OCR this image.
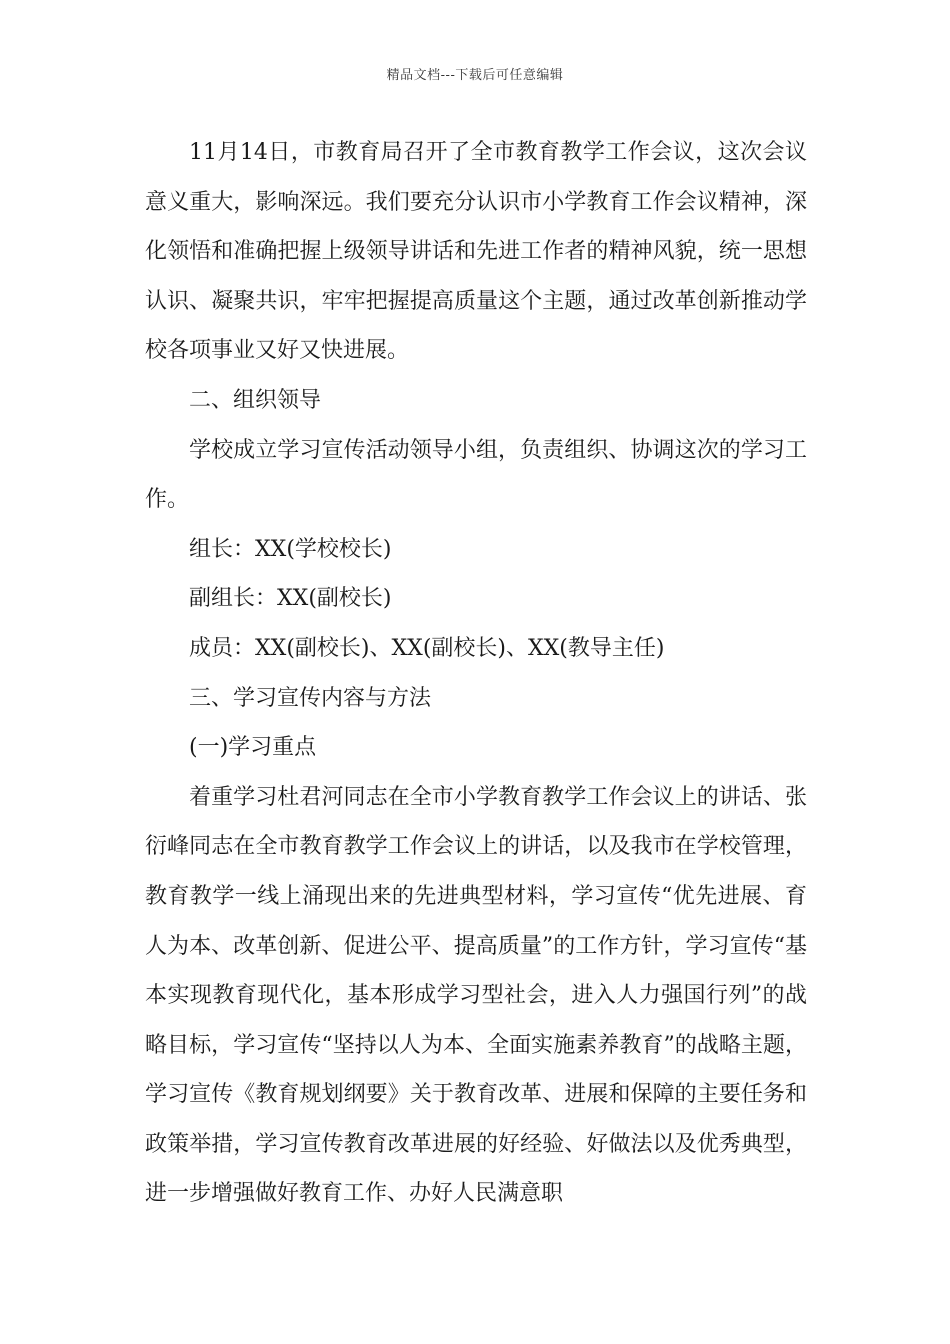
精品文档---下载后可任意编辑

11月14日，市教育局召开了全市教育教学工作会议，这次会议意义重大，影响深远。我们要充分认识市小学教育工作会议精神，深化领悟和准确把握上级领导讲话和先进工作者的精神风貌，统一思想认识、凝聚共识，牢牢把握提高质量这个主题，通过改革创新推动学校各项事业又好又快进展。

二、组织领导

学校成立学习宣传活动领导小组，负责组织、协调这次的学习工作。

组长：XX(学校校长)

副组长：XX(副校长)

成员：XX(副校长)、XX(副校长)、XX(教导主任)

三、学习宣传内容与方法

(一)学习重点

着重学习杜君河同志在全市小学教育教学工作会议上的讲话、张衍峰同志在全市教育教学工作会议上的讲话，以及我市在学校管理，教育教学一线上涌现出来的先进典型材料，学习宣传“优先进展、育人为本、改革创新、促进公平、提高质量”的工作方针，学习宣传“基本实现教育现代化，基本形成学习型社会，进入人力强国行列”的战略目标，学习宣传“坚持以人为本、全面实施素养教育”的战略主题，学习宣传《教育规划纲要》关于教育改革、进展和保障的主要任务和政策举措，学习宣传教育改革进展的好经验、好做法以及优秀典型，进一步增强做好教育工作、办好人民满意职
